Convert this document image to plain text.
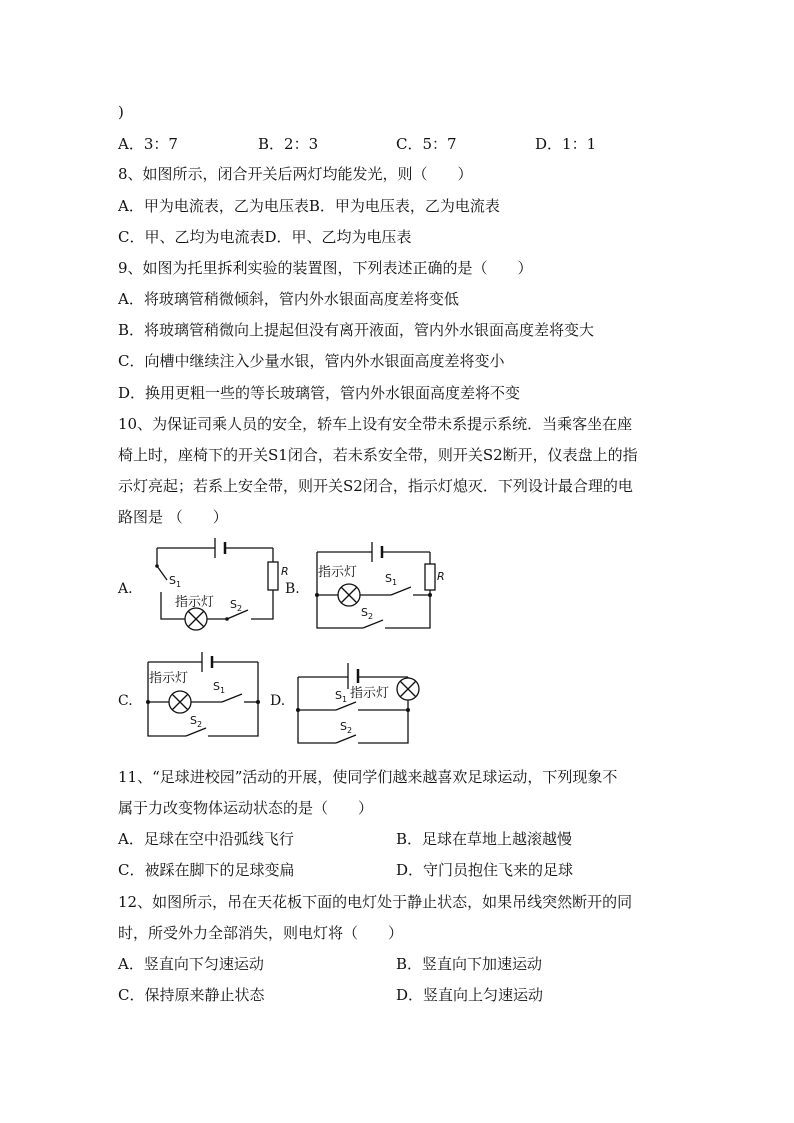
)
A．3：7	B．2：3	C．5：7	D．1：1
8、如图所示，闭合开关后两灯均能发光，则（　　）
A．甲为电流表，乙为电压表B．甲为电压表，乙为电流表
C．甲、乙均为电流表D．甲、乙均为电压表
9、如图为托里拆利实验的装置图，下列表述正确的是（　　）
A．将玻璃管稍微倾斜，管内外水银面高度差将变低
B．将玻璃管稍微向上提起但没有离开液面，管内外水银面高度差将变大
C．向槽中继续注入少量水银，管内外水银面高度差将变小
D．换用更粗一些的等长玻璃管，管内外水银面高度差将不变
10、为保证司乘人员的安全，轿车上设有安全带未系提示系统．当乘客坐在座
椅上时，座椅下的开关S1闭合，若未系安全带，则开关S2断开，仪表盘上的指
示灯亮起；若系上安全带，则开关S2闭合，指示灯熄灭．下列设计最合理的电
路图是 （　　）
A.	B.
C.	D.
$S_1$
指示灯 $S_2$
R 指示灯	$S_1$
$S_2$
R
指示灯
$S_1$
$S_2$
$S_1$ 指示灯
$S_2$
11、“足球进校园”活动的开展，使同学们越来越喜欢足球运动，下列现象不
属于力改变物体运动状态的是（　　）
A．足球在空中沿弧线飞行	B．足球在草地上越滚越慢
C．被踩在脚下的足球变扁	D．守门员抱住飞来的足球
12、如图所示，吊在天花板下面的电灯处于静止状态，如果吊线突然断开的同
时，所受外力全部消失，则电灯将（　　）
A．竖直向下匀速运动	B．竖直向下加速运动
C．保持原来静止状态	D．竖直向上匀速运动
